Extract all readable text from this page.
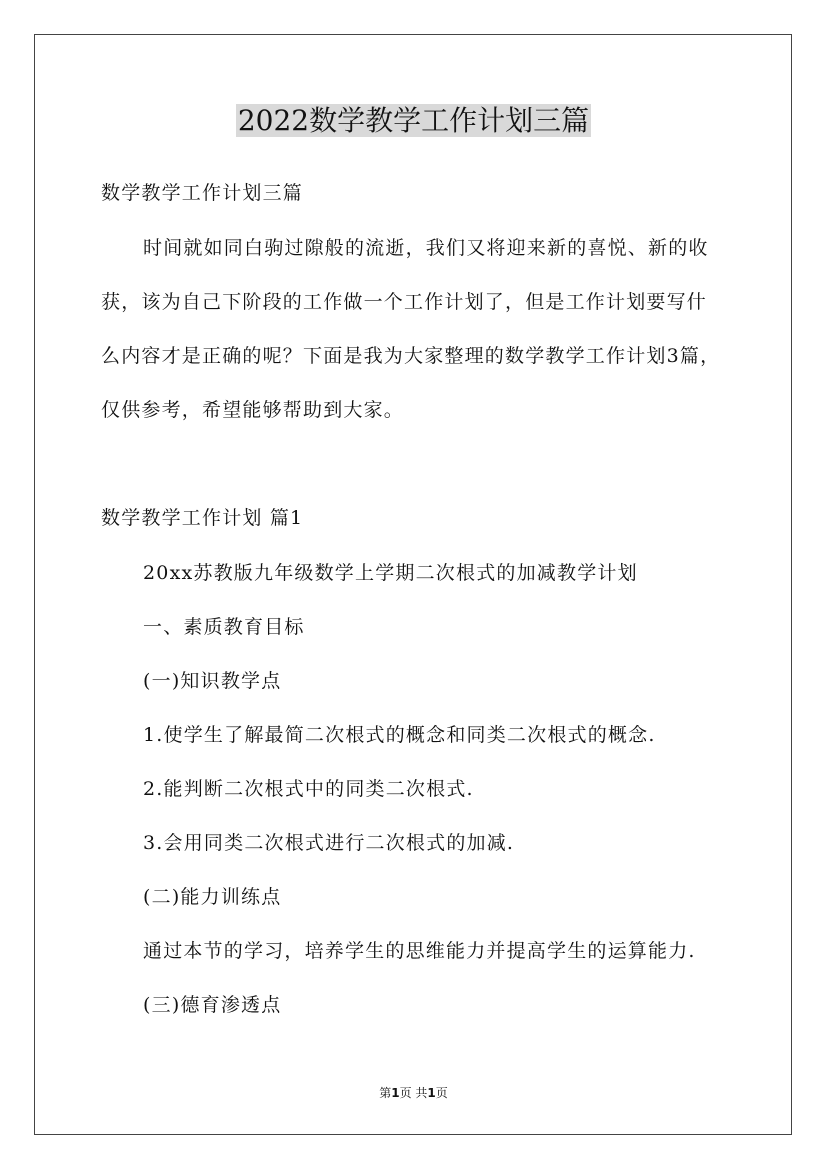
2022数学教学工作计划三篇
数学教学工作计划三篇
时间就如同白驹过隙般的流逝，我们又将迎来新的喜悦、新的收
获，该为自己下阶段的工作做一个工作计划了，但是工作计划要写什
么内容才是正确的呢？下面是我为大家整理的数学教学工作计划3篇，
仅供参考，希望能够帮助到大家。
数学教学工作计划 篇1
20xx苏教版九年级数学上学期二次根式的加减教学计划
一、素质教育目标
(一)知识教学点
1.使学生了解最简二次根式的概念和同类二次根式的概念.
2.能判断二次根式中的同类二次根式.
3.会用同类二次根式进行二次根式的加减.
(二)能力训练点
通过本节的学习，培养学生的思维能力并提高学生的运算能力.
(三)德育渗透点
第1页 共1页
